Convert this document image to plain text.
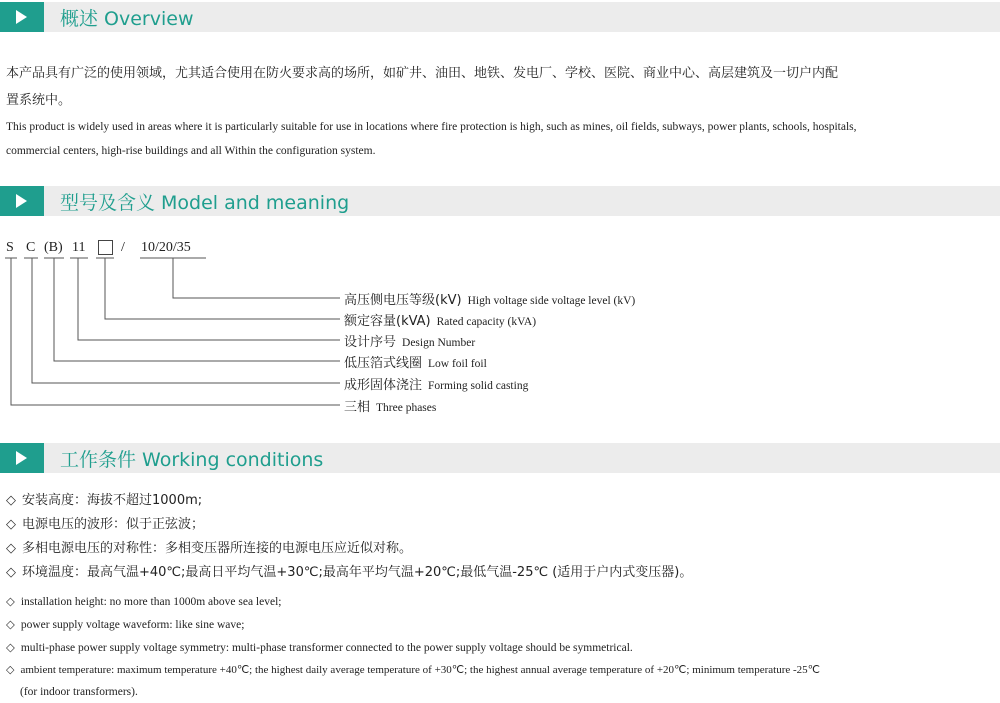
概述 Overview
本产品具有广泛的使用领域，尤其适合使用在防火要求高的场所，如矿井、油田、地铁、发电厂、学校、医院、商业中心、高层建筑及一切户内配
置系统中。
This product is widely used in areas where it is particularly suitable for use in locations where fire protection is high, such as mines, oil fields, subways, power plants, schools, hospitals,
commercial centers, high-rise buildings and all Within the configuration system.
型号及含义 Model and meaning
S C (B) 11	/ 10/20/35
高压侧电压等级(kV) High voltage side voltage level (kV)
额定容量(kVA) Rated capacity (kVA)
设计序号 Design Number
低压箔式线圈 Low foil foil
成形固体浇注 Forming solid casting
三相 Three phases
工作条件 Working conditions
◇ 安装高度：海拔不超过1000m;
◇ 电源电压的波形：似于正弦波；
◇ 多相电源电压的对称性：多相变压器所连接的电源电压应近似对称。
◇ 环境温度：最高气温+40℃;最高日平均气温+30℃;最高年平均气温+20℃;最低气温-25℃ (适用于户内式变压器)。
◇ installation height: no more than 1000m above sea level;
◇ power supply voltage waveform: like sine wave;
◇ multi-phase power supply voltage symmetry: multi-phase transformer connected to the power supply voltage should be symmetrical.
◇ ambient temperature: maximum temperature +40℃; the highest daily average temperature of +30℃; the highest annual average temperature of +20℃; minimum temperature -25℃
(for indoor transformers).
